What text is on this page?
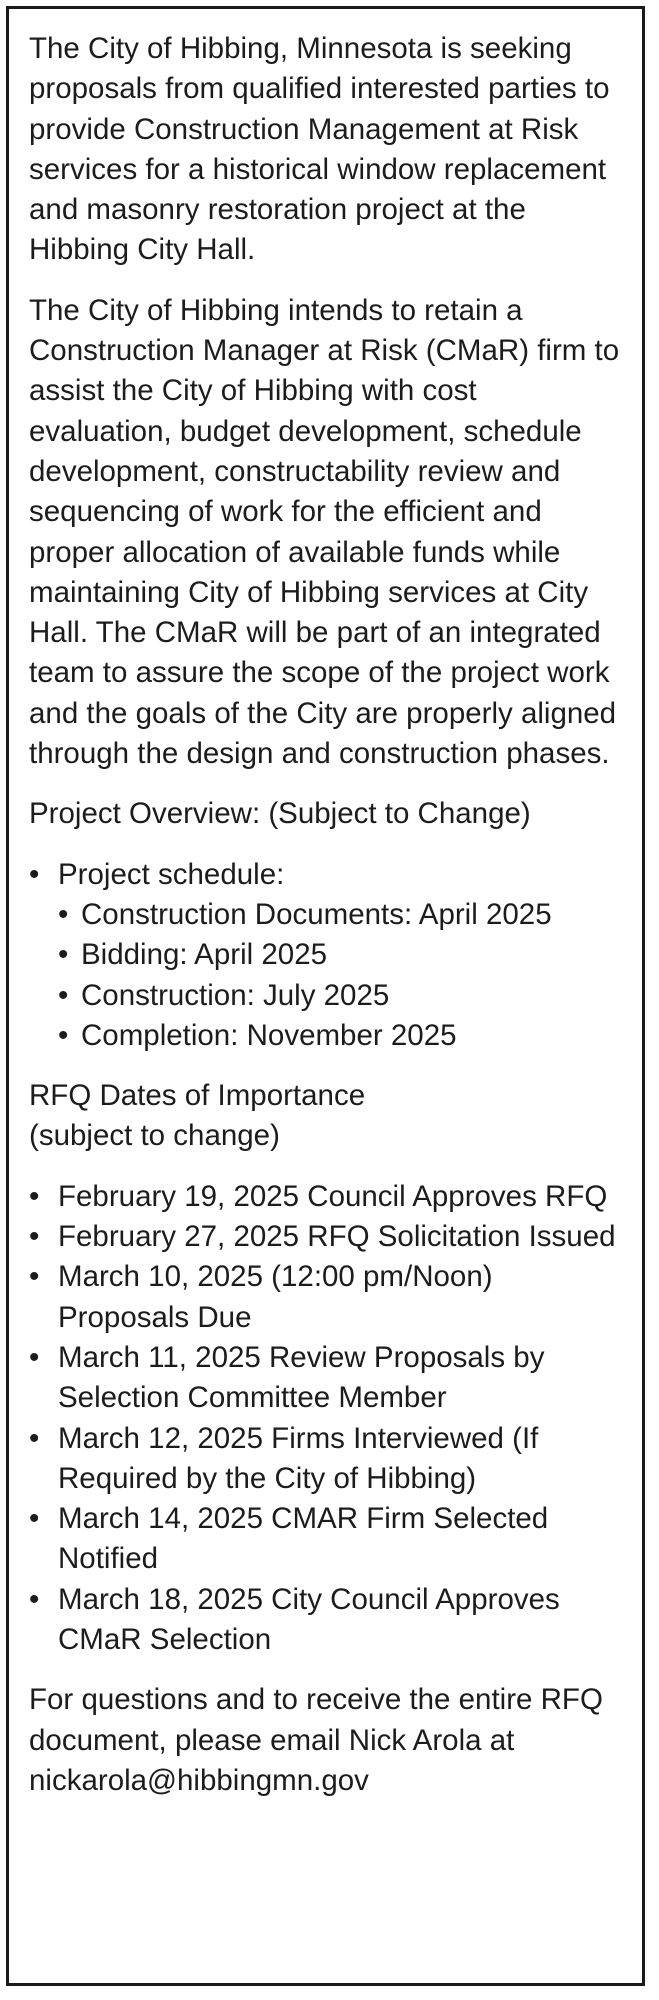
The City of Hibbing, Minnesota is seeking proposals from qualified interested parties to provide Construction Management at Risk services for a historical window replacement and masonry restoration project at the Hibbing City Hall.

The City of Hibbing intends to retain a Construction Manager at Risk (CMaR) firm to assist the City of Hibbing with cost evaluation, budget development, schedule development, constructability review and sequencing of work for the efficient and proper allocation of available funds while maintaining City of Hibbing services at City Hall. The CMaR will be part of an integrated team to assure the scope of the project work and the goals of the City are properly aligned through the design and construction phases.

Project Overview: (Subject to Change)

• Project schedule:
• Construction Documents: April 2025
• Bidding: April 2025
• Construction: July 2025
• Completion: November 2025

RFQ Dates of Importance
(subject to change)

• February 19, 2025 Council Approves RFQ
• February 27, 2025 RFQ Solicitation Issued
• March 10, 2025 (12:00 pm/Noon) Proposals Due
• March 11, 2025 Review Proposals by Selection Committee Member
• March 12, 2025 Firms Interviewed (If Required by the City of Hibbing)
• March 14, 2025 CMAR Firm Selected Notified
• March 18, 2025 City Council Approves CMaR Selection

For questions and to receive the entire RFQ document, please email Nick Arola at nickarola@hibbingmn.gov
